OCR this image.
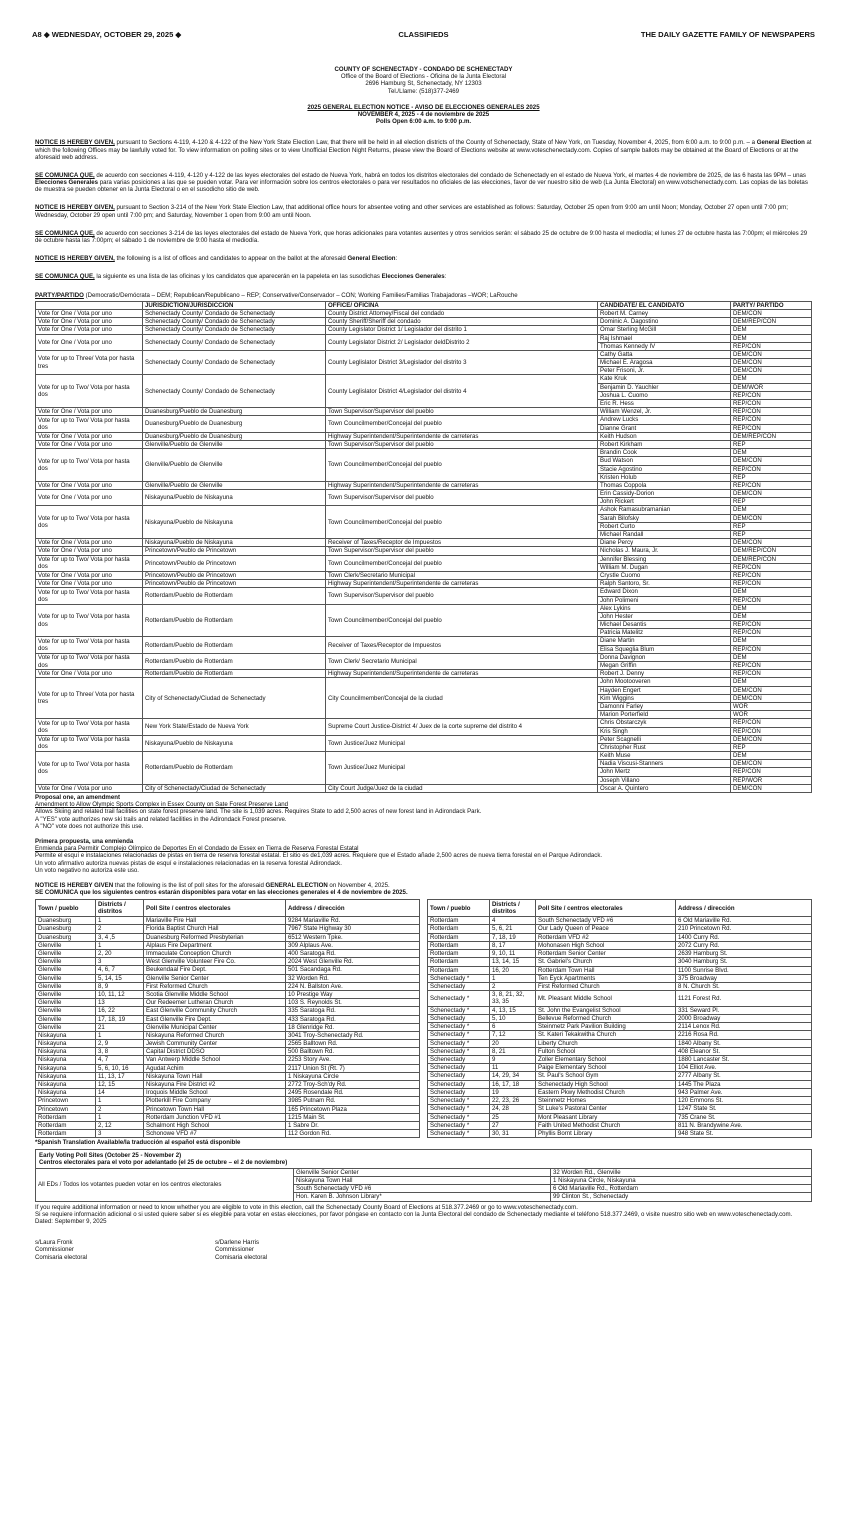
A8 ◆ WEDNESDAY, OCTOBER 29, 2025 ◆	CLASSIFIEDS	THE DAILY GAZETTE FAMILY OF NEWSPAPERS
COUNTY OF SCHENECTADY - CONDADO DE SCHENECTADY
Office of the Board of Elections - Oficina de la Junta Electoral
2696 Hamburg St, Schenectady, NY 12303
Tel./Llame: (518)377-2469
2025 GENERAL ELECTION NOTICE - AVISO DE ELECCIONES GENERALES 2025
NOVEMBER 4, 2025 - 4 de noviembre de 2025
Polls Open 6:00 a.m. to 9:00 p.m.

NOTICE IS HEREBY GIVEN, pursuant to Sections 4-119, 4-120 & 4-122 of the New York State Election Law, that there will be held in all election districts of the County of Schenectady, State of New York, on Tuesday, November 4, 2025, from 6:00 a.m. to 9:00 p.m. – a General Election at which the following Offices may be lawfully voted for. To view information on polling sites or to view Unofficial Election Night Returns, please view the Board of Elections website at www.voteschenectady.com. Copies of sample ballots may be obtained at the Board of Elections or at the aforesaid web address.

SE COMUNICA QUE, de acuerdo con secciones 4-119, 4-120 y 4-122 de las leyes electorales del estado de Nueva York, habrá en todos los distritos electorales del condado de Schenectady en el estado de Nueva York, el martes 4 de noviembre de 2025, de las 6 hasta las 9PM – unas Elecciones Generales para varias posiciones a las que se pueden votar. Para ver información sobre los centros electorales o para ver resultados no oficiales de las elecciones, favor de ver nuestro sitio de web (La Junta Electoral) en www.votschenectady.com. Las copias de las boletas de muestra se pueden obtener en la Junta Electoral o en el susodicho sitio de web.

NOTICE IS HEREBY GIVEN, pursuant to Section 3-214 of the New York State Election Law, that additional office hours for absentee voting and other services are established as follows: Saturday, October 25 open from 9:00 am until Noon; Monday, October 27 open until 7:00 pm; Wednesday, October 29 open until 7:00 pm; and Saturday, November 1 open from 9:00 am until Noon.

SE COMUNICA QUE, de acuerdo con secciones 3-214 de las leyes electorales del estado de Nueva York, que horas adicionales para votantes ausentes y otros servicios serán: el sábado 25 de octubre de 9:00 hasta el mediodía; el lunes 27 de octubre hasta las 7:00pm; el miércoles 29 de octubre hasta las 7:00pm; el sábado 1 de noviembre de 9:00 hasta el mediodía.

NOTICE IS HEREBY GIVEN, the following is a list of offices and candidates to appear on the ballot at the aforesaid General Election:

SE COMUNICA QUE, la siguiente es una lista de las oficinas y los candidatos que aparecerán en la papeleta en las susodichas Elecciones Generales:

PARTY/PARTIDO (Democratic/Demócrata – DEM; Republican/Republicano – REP; Conservative/Conservador – CON; Working Families/Familias Trabajadoras –WOR; LaRouche

	JURISDICTION/JURISDICCION	OFFICE/ OFICINA	CANDIDATE/ EL CANDIDATO	PARTY/ PARTIDO
Vote for One / Vota por uno	Schenectady County/ Condado de Schenectady	County District Attorney/Fiscal del condado	Robert M. Carney	DEM/CON
Vote for One / Vota por uno	Schenectady County/ Condado de Schenectady	County Sheriff/Sheriff del condado	Dominic A. Dagostino	DEM/REP/CON
Vote for One / Vota por uno	Schenectady County/ Condado de Schenectady	County Legislator District 1/ Legislador del distrito 1	Omar Sterling McGill	DEM
Vote for One / Vota por uno	Schenectady County/ Condado de Schenectady	County Legislator District 2/ Legislador deldDistrito 2	Raj Ishmael	DEM
			Thomas Kennedy IV	REP/CON
Vote for up to Three/ Vota por hasta tres	Schenectady County/ Condado de Schenectady	County Leglislator District 3/Legislador del distrito 3	Cathy Gatta	DEM/CON
			Michael E. Aragosa	DEM/CON
			Peter Frisoni, Jr.	DEM/CON
Vote for up to Two/ Vota por hasta dos	Schenectady County/ Condado de Schenectady	County Leglislator District 4/Legislador del distrito 4	Kate Kruk	DEM
			Benjamin D. Yauchler	DEM/WOR
			Joshua L. Cuomo	REP/CON
			Eric R. Hess	REP/CON
Vote for One / Vota por uno	Duanesburg/Pueblo de Duanesburg	Town Supervisor/Supervisor del pueblo	William Wenzel, Jr.	REP/CON
Vote for up to Two/ Vota por hasta dos	Duanesburg/Pueblo de Duanesburg	Town Councilmember/Concejal del pueblo	Andrew Lucks	REP/CON
			Dianne Grant	REP/CON
Vote for One / Vota por uno	Duanesburg/Pueblo de Duanesburg	Highway Superintendent/Superintendente de carreteras	Keith Hudson	DEM/REP/CON
Vote for One / Vota por uno	Glenville/Pueblo de Glenville	Town Supervisor/Supervisor del pueblo	Robert Kirkham	REP
Vote for up to Two/ Vota por hasta dos	Glenville/Pueblo de Glenville	Town Councilmember/Concejal del pueblo	Brandin Cook	DEM
			Bud Watson	DEM/CON
			Stacie Agostino	REP/CON
			Kristen Holub	REP
Vote for One / Vota por uno	Glenville/Pueblo de Glenville	Highway Superintendent/Superintendente de carreteras	Thomas Coppola	REP/CON
Vote for One / Vota por uno	Niskayuna/Pueblo de Niskayuna	Town Supervisor/Supervisor del pueblo	Erin Cassidy-Dorion	DEM/CON
			John Rickert	REP
Vote for up to Two/ Vota por hasta dos	Niskayuna/Pueblo de Niskayuna	Town Councilmember/Concejal del pueblo	Ashok Ramasubramanian	DEM
			Sarah Bilofsky	DEM/CON
			Robert Curto	REP
			Michael Randall	REP
Vote for One / Vota por uno	Niskayuna/Pueblo de Niskayuna	Receiver of Taxes/Receptor de Impuestos	Diane Percy	DEM/CON
Vote for One / Vota por uno	Princetown/Peublo de Princetown	Town Supervisor/Supervisor del pueblo	Nicholas J. Maura, Jr.	DEM/REP/CON
Vote for up to Two/ Vota por hasta dos	Princetown/Peublo de Princetown	Town Councilmember/Concejal del pueblo	Jennifer Blessing	DEM/REP/CON
			William M. Dugan	REP/CON
Vote for One / Vota por uno	Princetown/Peublo de Princetown	Town Clerk/Secretario Municipal	Crystle Cuomo	REP/CON
Vote for One / Vota por uno	Princetown/Peublo de Princetown	Highway Superintendent/Superintendente de carreteras	Ralph Santoro, Sr.	REP/CON
Vote for up to Two/ Vota por hasta dos	Rotterdam/Pueblo de Rotterdam	Town Supervisor/Supervisor del pueblo	Edward Dixon	DEM
			John Polimeni	REP/CON
Vote for up to Two/ Vota por hasta dos	Rotterdam/Pueblo de Rotterdam	Town Councilmember/Concejal del pueblo	Alex Lykins	DEM
			John Hester	DEM
			Michael Desantis	REP/CON
			Patricia Matelitz	REP/CON
Vote for up to Two/ Vota por hasta dos	Rotterdam/Pueblo de Rotterdam	Receiver of Taxes/Receptor de Impuestos	Diane Martin	DEM
			Elisa Squeglia Blum	REP/CON
Vote for up to Two/ Vota por hasta dos	Rotterdam/Pueblo de Rotterdam	Town Clerk/ Secretario Municipal	Donna Davignon	DEM
			Megan Griffin	REP/CON
Vote for One / Vota por uno	Rotterdam/Pueblo de Rotterdam	Highway Superintendent/Superintendente de carreteras	Robert J. Denny	REP/CON
Vote for up to Three/ Vota por hasta tres	City of Schenectady/Ciudad de Schenectady	City Councilmember/Concejal de la ciudad	John Mootooveren	DEM
			Hayden Engert	DEM/CON
			Kim Wiggins	DEM/CON
			Damonni Farley	WOR
			Marion Porterfield	WOR
Vote for up to Two/ Vota por hasta dos	New York State/Estado de Nueva York	Supreme Court Justice-District 4/ Juex de la corte supreme del distrito 4	Chris Obstarczyk	REP/CON
			Kris Singh	REP/CON
Vote for up to Two/ Vota por hasta dos	Niskayuna/Pueblo de Niskayuna	Town Justice/Juez Municipal	Peter Scagnelli	DEM/CON
			Christopher Rust	REP
Vote for up to Two/ Vota por hasta dos	Rotterdam/Pueblo de Rotterdam	Town Justice/Juez Municipal	Keith Muse	DEM
			Nadia Viscusi-Stanners	DEM/CON
			John Mertz	REP/CON
			Joseph Villano	REP/WOR
Vote for One / Vota por uno	City of Schenectady/Ciudad de Schenectady	City Court Judge/Juez de la ciudad	Oscar A. Quintero	DEM/CON
Proposal one, an amendment
Amendment to Allow Olympic Sports Complex in Essex County on Sate Forest Preserve Land
Allows Skiing and related trail facilities on state forest preserve land. The site is 1,039 acres. Requires State to add 2,500 acres of new forest land in Adirondack Park.
A "YES" vote authorizes new ski trails and related facilities in the Adirondack Forest preserve.
A "NO" vote does not authorize this use.
Primera propuesta, una enmienda
Enmienda para Permitir Complejo Olímpico de Deportes En el Condado de Essex en Tierra de Reserva Forestal Estatal
Permite el esquí e instalaciones relacionadas de pistas en tierra de reserva forestal estatal. El sitio es de1,039 acres. Requiere que el Estado añade 2,500 acres de nueva tierra forestal en el Parque Adirondack.
Un voto afirmativo autoriza nuevas pistas de esquí e instalaciones relacionadas en la reserva forestal Adirondack.
Un voto negativo no autoriza este uso.
NOTICE IS HEREBY GIVEN that the following is the list of poll sites for the aforesaid GENERAL ELECTION on November 4, 2025.
SE COMUNICA que los siguientes centros estarán disponibles para votar en las elecciones generales el 4 de noviembre de 2025.
Town / pueblo	Districts / distritos	Poll Site / centros electorales	Address / dirección
Duanesburg	1	Mariaville Fire Hall	9284 Mariaville Rd.
Duanesburg	2	Florida Baptist Church Hall	7967 State Highway 30
Duanesburg	3, 4 ,5	Duanesburg Reformed Presbyterian	6512 Western Tpke.
Glenville	1	Alplaus Fire Department	309 Alplaus Ave.
Glenville	2, 20	Immaculate Conception Church	400 Saratoga Rd.
Glenville	3	West Glenville Volunteer Fire Co.	2024 West Glenville Rd.
Glenville	4, 6, 7	Beukendaal Fire Dept.	501 Sacandaga Rd.
Glenville	5, 14, 15	Glenville Senior Center	32 Worden Rd.
Glenville	8, 9	First Reformed Church	224 N. Ballston Ave.
Glenville	10, 11, 12	Scotia Glenville Middle School	10 Prestige Way
Glenville	13	Our Redeemer Lutheran Church	103 S. Reynolds St.
Glenville	16, 22	East Glenville Community Church	335 Saratoga Rd.
Glenville	17, 18, 19	East Glenville Fire Dept.	433 Saratoga Rd.
Glenville	21	Glenville Municipal Center	18 Glenridge Rd.
Niskayuna	1	Niskayuna Reformed Church	3041 Troy-Schenectady Rd.
Niskayuna	2, 9	Jewish Community Center	2565 Balltown Rd.
Niskayuna	3, 8	Capital District DDSO	500 Balltown Rd.
Niskayuna	4, 7	Van Antwerp Middle School	2253 Story Ave.
Niskayuna	5, 6, 10, 16	Agudat Achim	2117 Union St (Rt. 7)
Niskayuna	11, 13, 17	Niskayuna Town Hall	1 Niskayuna Circle
Niskayuna	12, 15	Niskayuna Fire District #2	2772 Troy-Sch'dy Rd.
Niskayuna	14	Iroquois Middle School	2495 Rosendale Rd.
Princetown	1	Plotterkill Fire Company	3985 Putnam Rd.
Princetown	2	Princetown Town Hall	165 Princetown Plaza
Rotterdam	1	Rotterdam Junction VFD #1	1215 Main St.
Rotterdam	2, 12	Schalmont High School	1 Sabre Dr.
Rotterdam	3	Schonowe VFD #7	112 Gordon Rd.
Town / pueblo	Districts / distritos	Poll Site / centros electorales	Address / dirección
Rotterdam	4	South Schenectady VFD #6	6 Old Mariaville Rd.
Rotterdam	5, 6, 21	Our Lady Queen of Peace	210 Princetown Rd.
Rotterdam	7, 18, 19	Rotterdam VFD #2	1400 Curry Rd.
Rotterdam	8, 17	Mohonasen High School	2072 Curry Rd.
Rotterdam	9, 10, 11	Rotterdam Senior Center	2639 Hamburg St.
Rotterdam	13, 14, 15	St. Gabriel's Church	3040 Hamburg St.
Rotterdam	16, 20	Rotterdam Town Hall	1100 Sunrise Blvd.
Schenectady *	1	Ten Eyck Apartments	375 Broadway
Schenectady	2	First Reformed Church	8 N. Church St.
Schenectady *	3, 8, 21, 32, 33, 35	Mt. Pleasant Middle School	1121 Forest Rd.
Schenectady *	4, 13, 15	St. John the Evangelist School	331 Seward Pl.
Schenectady	5, 10	Bellevue Reformed Church	2000 Broadway
Schenectady *	6	Steinmetz Park Pavilion Building	2114 Lenox Rd.
Schenectady *	7, 12	St. Kateri Tekakwitha Church	2216 Rosa Rd.
Schenectady *	20	Liberty Church	1840 Albany St.
Schenectady *	8, 21	Fulton School	408 Eleanor St.
Schenectady	9	Zoller Elementary School	1880 Lancaster St.
Schenectady	11	Paige Elementary School	104 Elliot Ave.
Schenectady	14, 29, 34	St. Paul's School Gym	2777 Albany St.
Schenectady	16, 17, 18	Schenectady High School	1445 The Plaza
Schenectady	19	Eastern Pkwy Methodist Church	943 Palmer Ave.
Schenectady *	22, 23, 26	Steinmetz Homes	120 Emmons St.
Schenectady *	24, 28	St Luke's Pastoral Center	1247 State St.
Schenectady *	25	Mont Pleasant Library	735 Crane St.
Schenectady *	27	Faith United Methodist Church	811 N. Brandywine Ave.
Schenectady *	30, 31	Phyllis Bornt Library	948 State St.
*Spanish Translation Available/la traducción al español está disponible
Early Voting Poll Sites (October 25 - November 2)
Centros electorales para el voto por adelantado (el 25 de octubre – el 2 de noviembre)		

All EDs / Todos los votantes pueden votar en los centros electorales	Glenville Senior Center	32 Worden Rd., Glenville
	Niskayuna Town Hall	1 Niskayuna Circle, Niskayuna
	South Schenectady VFD #6	6 Old Mariaville Rd., Rotterdam
	Hon. Karen B. Johnson Library*	99 Clinton St., Schenectady
If you require additional information or need to know whether you are eligible to vote in this election, call the Schenectady County Board of Elections at 518.377.2469 or go to www.voteschenectady.com.
Si se requiere información adicional o si usted quiere saber si es elegible para votar en estas elecciones, por favor póngase en contacto con la Junta Electoral del condado de Schenectady mediante el teléfono 518.377.2469, o visite nuestro sitio web en www.voteschenectady.com.
Dated: September 9, 2025
s/Laura Fronk
Commissioner
Comisaria electoral
s/Darlene Harris
Commissioner
Comisaria electoral
